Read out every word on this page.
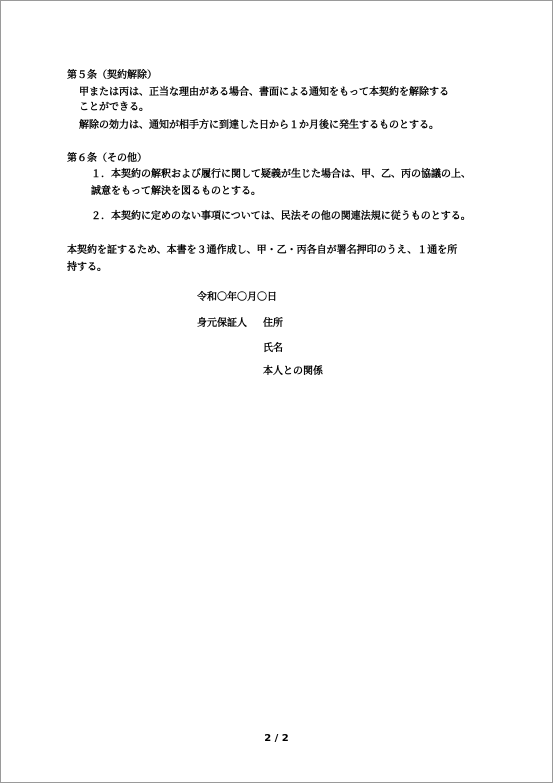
第５条（契約解除）
甲または丙は、正当な理由がある場合、書面による通知をもって本契約を解除する
ことができる。
解除の効力は、通知が相手方に到達した日から１か月後に発生するものとする。
第６条（その他）
１．本契約の解釈および履行に関して疑義が生じた場合は、甲、乙、丙の協議の上、
誠意をもって解決を図るものとする。
２．本契約に定めのない事項については、民法その他の関連法規に従うものとする。
本契約を証するため、本書を３通作成し、甲・乙・丙各自が署名押印のうえ、１通を所
持する。
令和〇年〇月〇日
身元保証人 住所
氏名
本人との関係
2 / 2
